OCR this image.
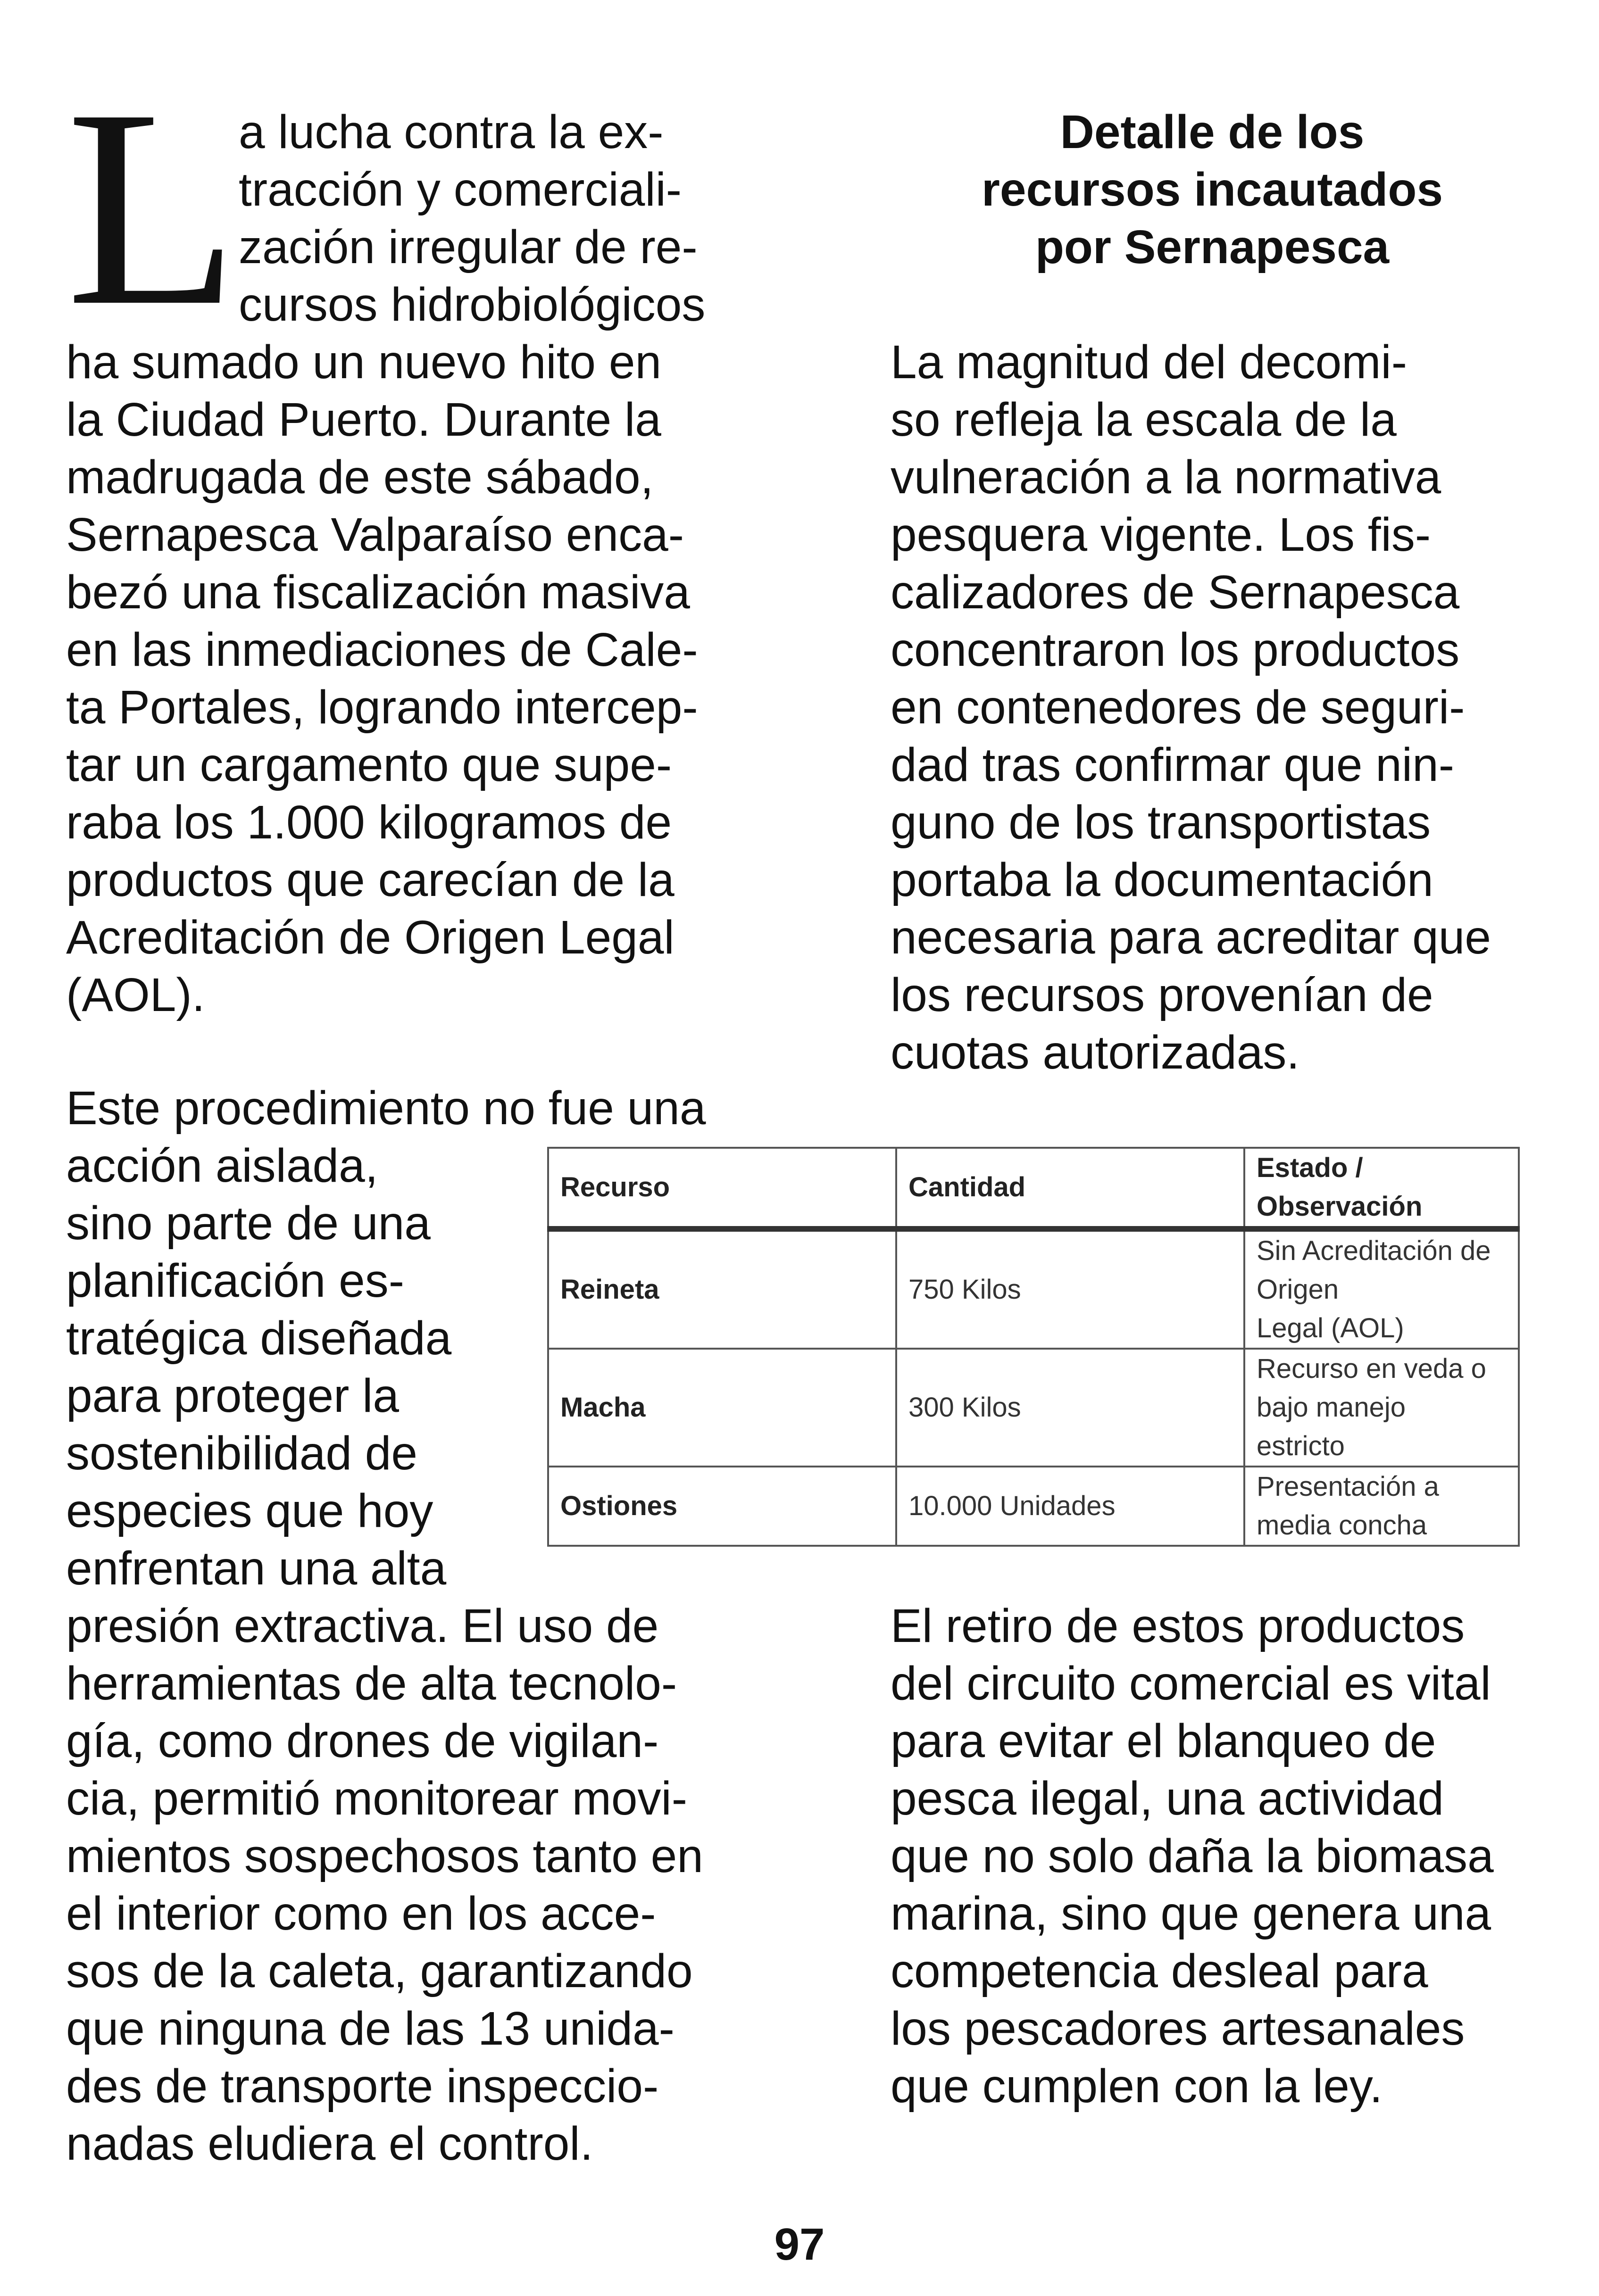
L a lucha contra la ex-

tracción y comerciali-

zación irregular de re-

cursos hidrobiológicos

ha sumado un nuevo hito en

la Ciudad Puerto. Durante la

madrugada de este sábado,

Sernapesca Valparaíso enca-

bezó una fiscalización masiva

en las inmediaciones de Cale-

ta Portales, logrando intercep-

tar un cargamento que supe-

raba los 1.000 kilogramos de

productos que carecían de la

Acreditación de Origen Legal

(AOL).

Este procedimiento no fue una

acción aislada,

sino parte de una

planificación es-

tratégica diseñada

para proteger la

sostenibilidad de

especies que hoy

enfrentan una alta

presión extractiva. El uso de

herramientas de alta tecnolo-

gía, como drones de vigilan-

cia, permitió monitorear movi-

mientos sospechosos tanto en

el interior como en los acce-

sos de la caleta, garantizando

que ninguna de las 13 unida-

des de transporte inspeccio-

nadas eludiera el control.

Detalle de los

recursos incautados

por Sernapesca

La magnitud del decomi-

so refleja la escala de la

vulneración a la normativa

pesquera vigente. Los fis-

calizadores de Sernapesca

concentraron los productos

en contenedores de seguri-

dad tras confirmar que nin-

guno de los transportistas

portaba la documentación

necesaria para acreditar que

los recursos provenían de

cuotas autorizadas.

Recurso	Cantidad	Estado / Observación
Reineta	750 Kilos	Sin Acreditación de Origen
Legal (AOL)

Macha	300 Kilos	Recurso en veda o bajo manejo
estricto

Ostiones	10.000 Unidades	Presentación a media concha

El retiro de estos productos

del circuito comercial es vital

para evitar el blanqueo de

pesca ilegal, una actividad

que no solo daña la biomasa

marina, sino que genera una

competencia desleal para

los pescadores artesanales

que cumplen con la ley.

97
